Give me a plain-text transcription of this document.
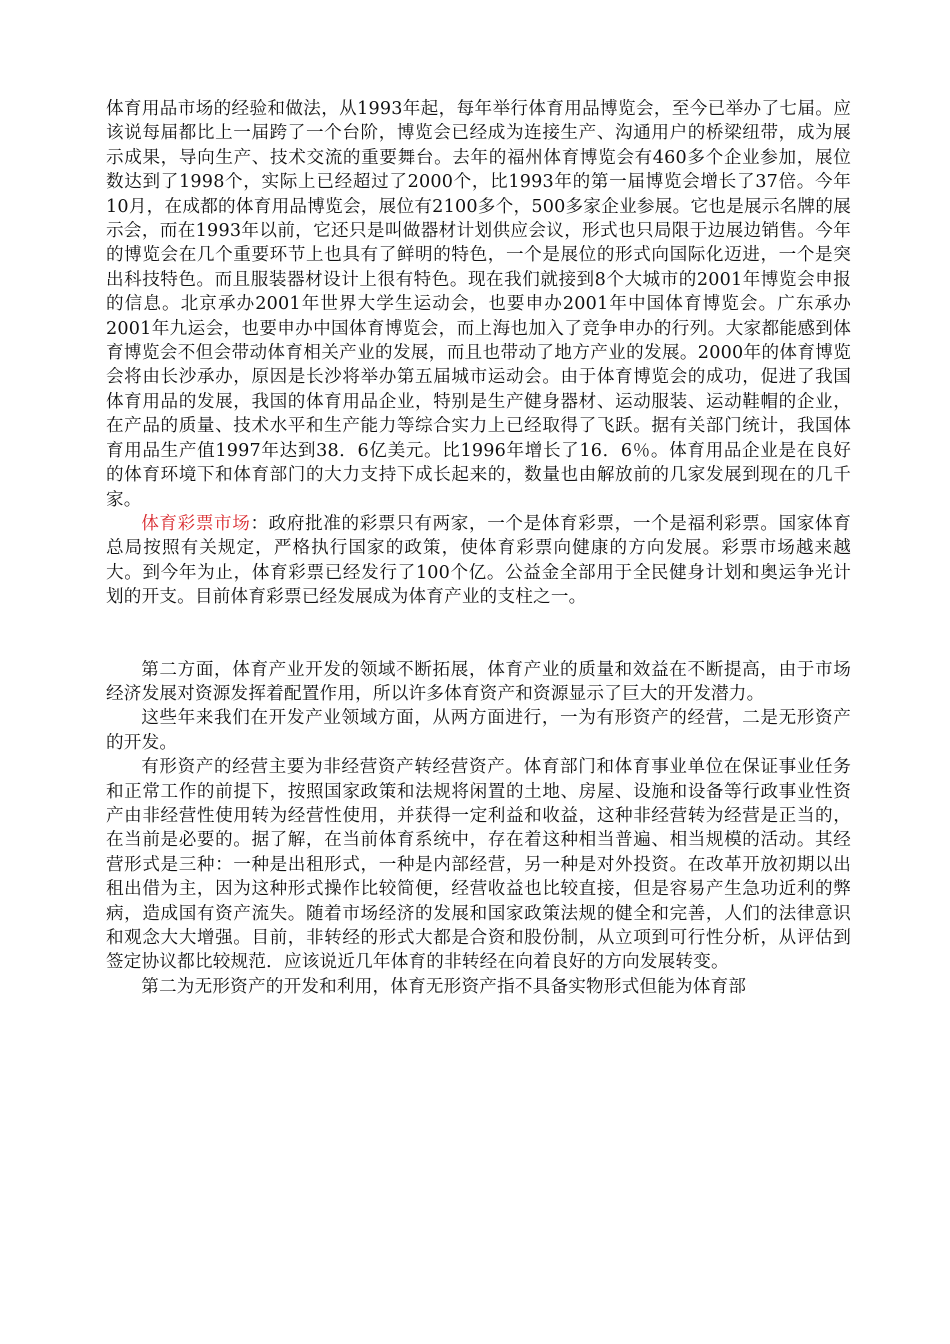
体育用品市场的经验和做法，从1993年起，每年举行体育用品博览会，至今已举办了七届。应该说每届都比上一届跨了一个台阶，博览会已经成为连接生产、沟通用户的桥梁纽带，成为展示成果，导向生产、技术交流的重要舞台。去年的福州体育博览会有460多个企业参加，展位数达到了1998个，实际上已经超过了2000个，比1993年的第一届博览会增长了37倍。今年10月，在成都的体育用品博览会，展位有2100多个，500多家企业参展。它也是展示名牌的展示会，而在1993年以前，它还只是叫做器材计划供应会议，形式也只局限于边展边销售。今年的博览会在几个重要环节上也具有了鲜明的特色，一个是展位的形式向国际化迈进，一个是突出科技特色。而且服装器材设计上很有特色。现在我们就接到8个大城市的2001年博览会申报的信息。北京承办2001年世界大学生运动会，也要申办2001年中国体育博览会。广东承办2001年九运会，也要申办中国体育博览会，而上海也加入了竞争申办的行列。大家都能感到体育博览会不但会带动体育相关产业的发展，而且也带动了地方产业的发展。2000年的体育博览会将由长沙承办，原因是长沙将举办第五届城市运动会。由于体育博览会的成功，促进了我国体育用品的发展，我国的体育用品企业，特别是生产健身器材、运动服装、运动鞋帽的企业，在产品的质量、技术水平和生产能力等综合实力上已经取得了飞跃。据有关部门统计，我国体育用品生产值1997年达到38．6亿美元。比1996年增长了16．6％。体育用品企业是在良好的体育环境下和体育部门的大力支持下成长起来的，数量也由解放前的几家发展到现在的几千家。

体育彩票市场：政府批准的彩票只有两家，一个是体育彩票，一个是福利彩票。国家体育总局按照有关规定，严格执行国家的政策，使体育彩票向健康的方向发展。彩票市场越来越大。到今年为止，体育彩票已经发行了100个亿。公益金全部用于全民健身计划和奥运争光计划的开支。目前体育彩票已经发展成为体育产业的支柱之一。

第二方面，体育产业开发的领域不断拓展，体育产业的质量和效益在不断提高，由于市场经济发展对资源发挥着配置作用，所以许多体育资产和资源显示了巨大的开发潜力。

这些年来我们在开发产业领域方面，从两方面进行，一为有形资产的经营，二是无形资产的开发。

有形资产的经营主要为非经营资产转经营资产。体育部门和体育事业单位在保证事业任务和正常工作的前提下，按照国家政策和法规将闲置的土地、房屋、设施和设备等行政事业性资产由非经营性使用转为经营性使用，并获得一定利益和收益，这种非经营转为经营是正当的，在当前是必要的。据了解，在当前体育系统中，存在着这种相当普遍、相当规模的活动。其经营形式是三种：一种是出租形式，一种是内部经营，另一种是对外投资。在改革开放初期以出租出借为主，因为这种形式操作比较简便，经营收益也比较直接，但是容易产生急功近利的弊病，造成国有资产流失。随着市场经济的发展和国家政策法规的健全和完善，人们的法律意识和观念大大增强。目前，非转经的形式大都是合资和股份制，从立项到可行性分析，从评估到签定协议都比较规范．应该说近几年体育的非转经在向着良好的方向发展转变。

第二为无形资产的开发和利用，体育无形资产指不具备实物形式但能为体育部
